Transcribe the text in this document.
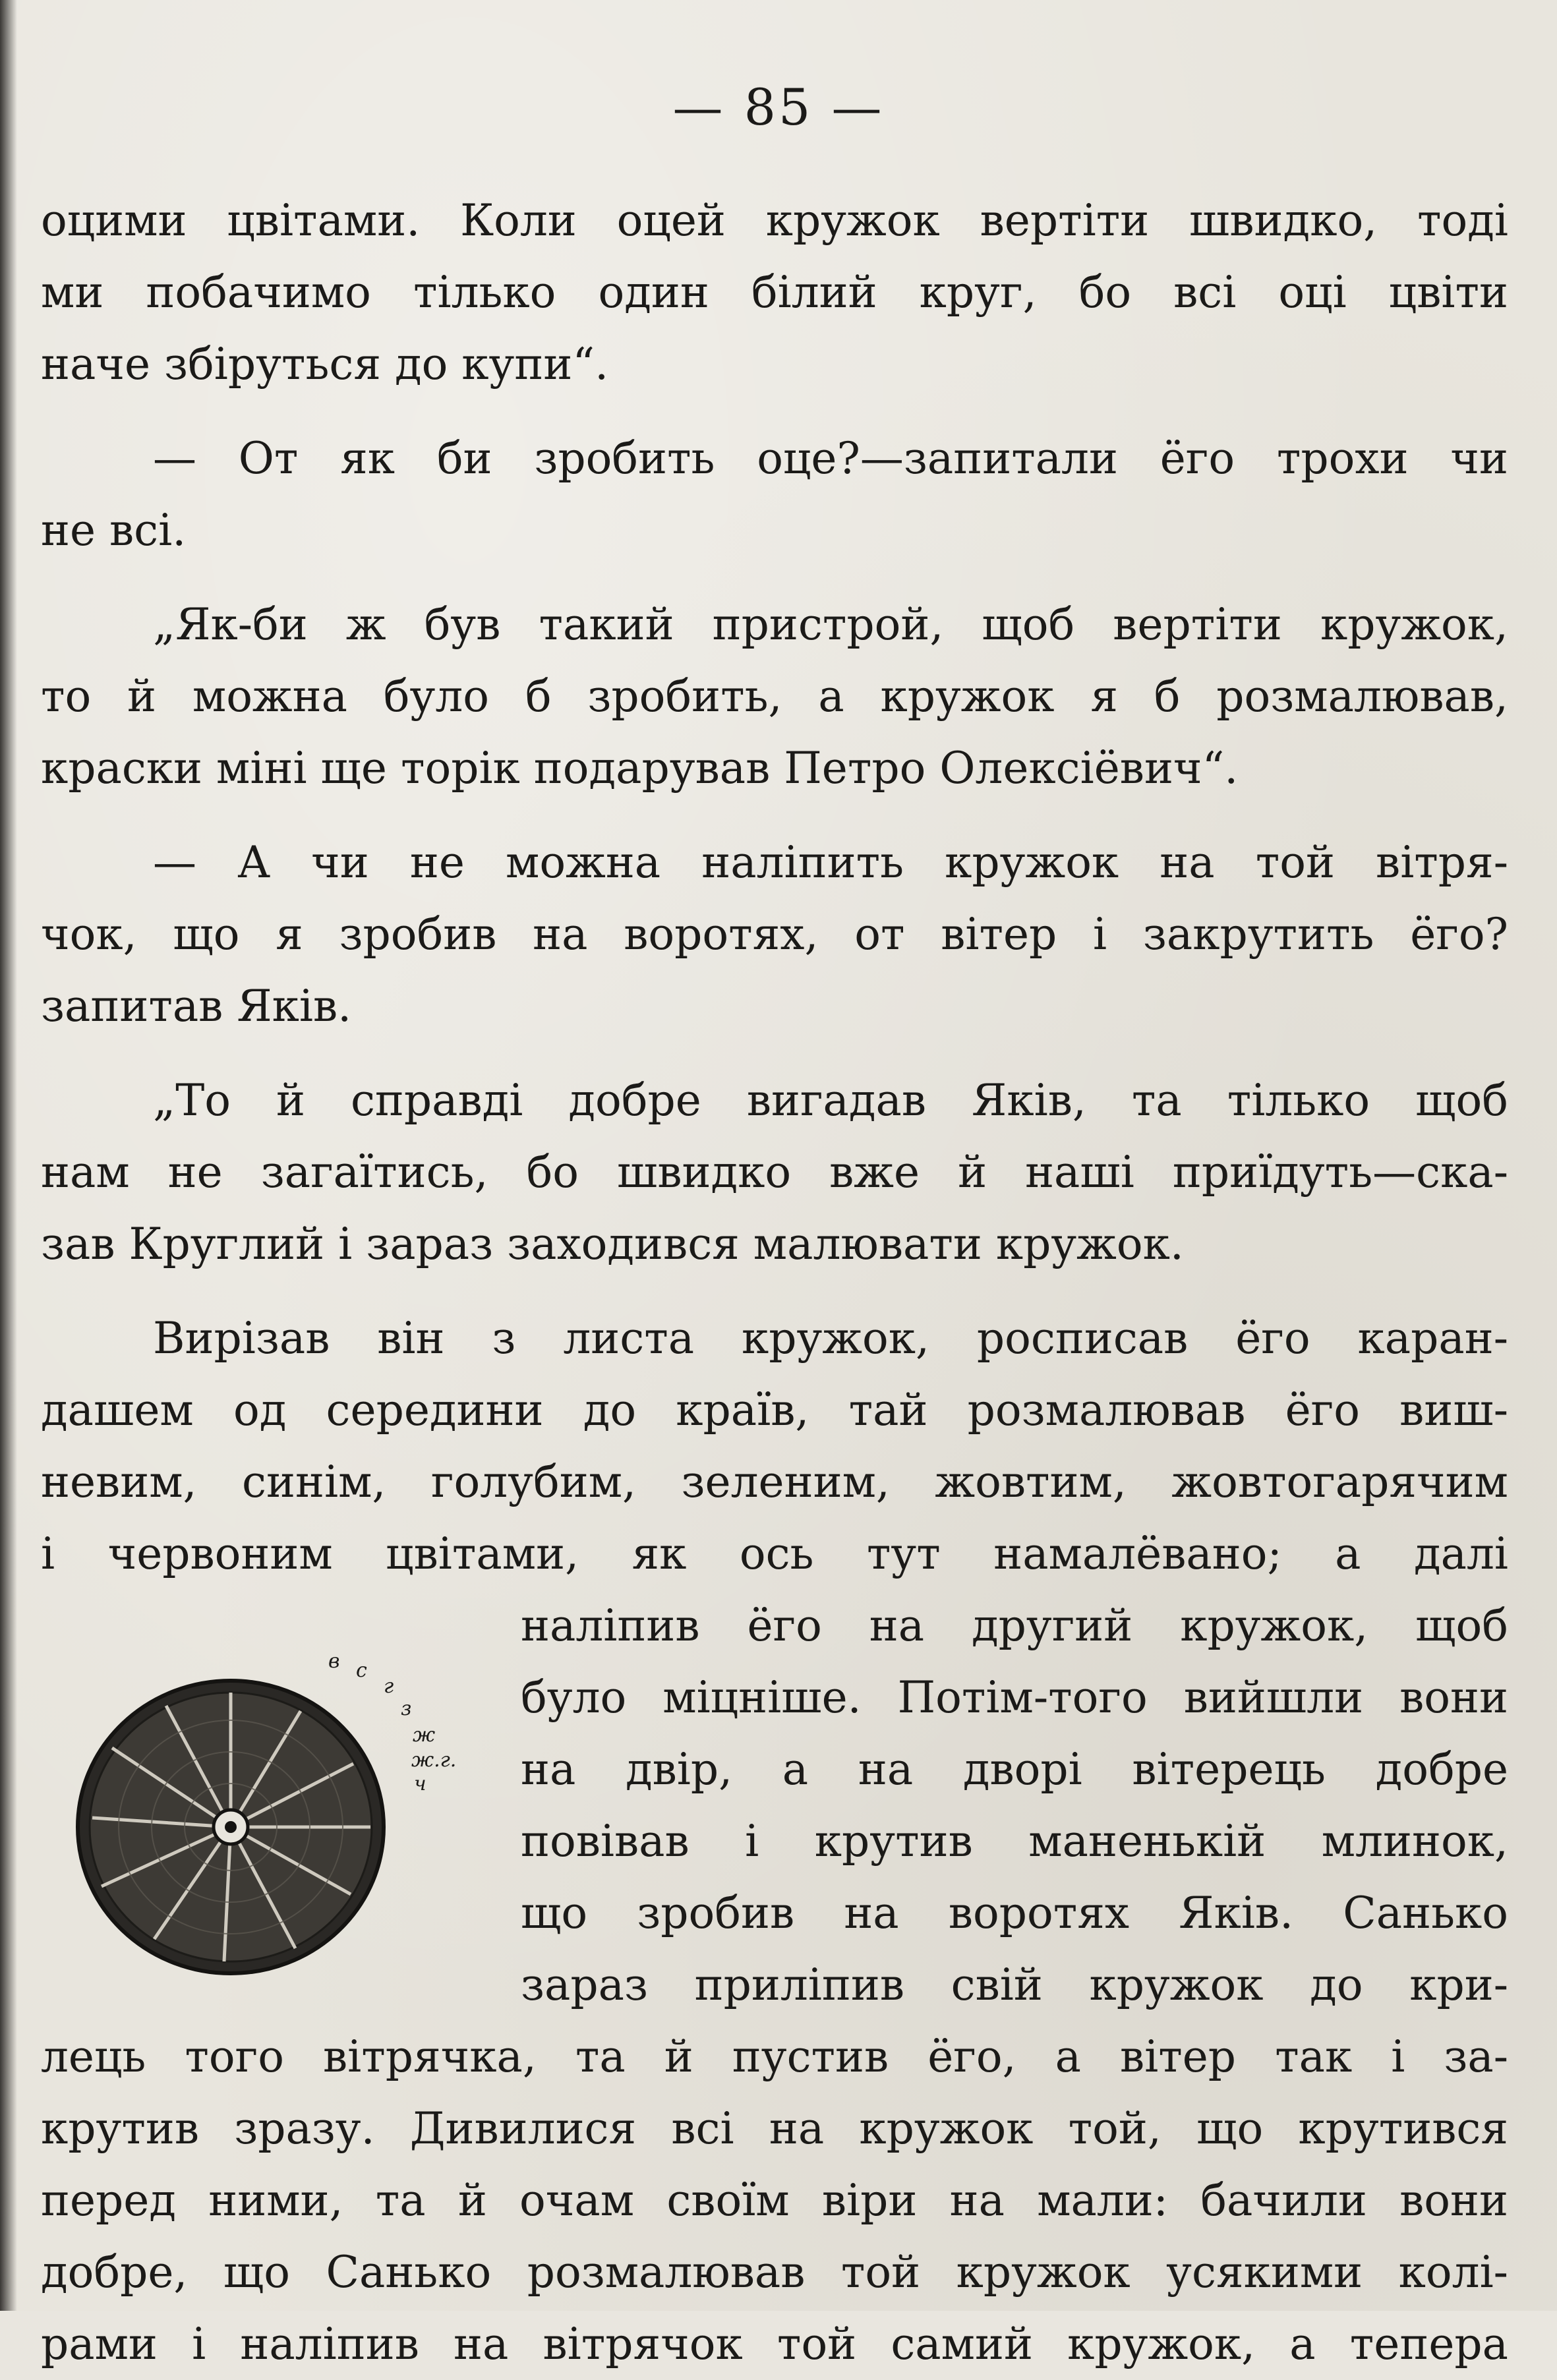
— 85 —
оцими цвітами. Коли оцей кружок вертіти швидко, тоді
ми побачимо тілько один білий круг, бо всі оці цвіти
наче збіруться до купи“.
— От як би зробить оце?—запитали ёго трохи чи
не всі.
„Як-би ж був такий пристрой, щоб вертіти кружок,
то й можна було б зробить, а кружок я б розмалював,
краски міні ще торік подарував Петро Олексіёвич“.
— А чи не можна наліпить кружок на той вітря-
чок, що я зробив на воротях, от вітер і закрутить ёго?
запитав Яків.
„То й справді добре вигадав Яків, та тілько щоб
нам не загаїтись, бо швидко вже й наші приїдуть—ска-
зав Круглий і зараз заходився малювати кружок.
Вирізав він з листа кружок, росписав ёго каран-
дашем од середини до країв, тай розмалював ёго виш-
невим, синім, голубим, зеленим, жовтим, жовтогарячим
і червоним цвітами, як ось тут намалёвано; а далі
в с
г
з
ж
ж.г.
ч
наліпив ёго на другий кружок, щоб
було міцніше. Потім-того вийшли вони
на двір, а на дворі вітерець добре
повівав і крутив маненькій млинок,
що зробив на воротях Яків. Санько
зараз приліпив свій кружок до кри-
лець того вітрячка, та й пустив ёго, а вітер так і за-
крутив зразу. Дивилися всі на кружок той, що крутився
перед ними, та й очам своїм віри на мали: бачили вони
добре, що Санько розмалював той кружок усякими колі-
рами і наліпив на вітрячок той самий кружок, а тепера
